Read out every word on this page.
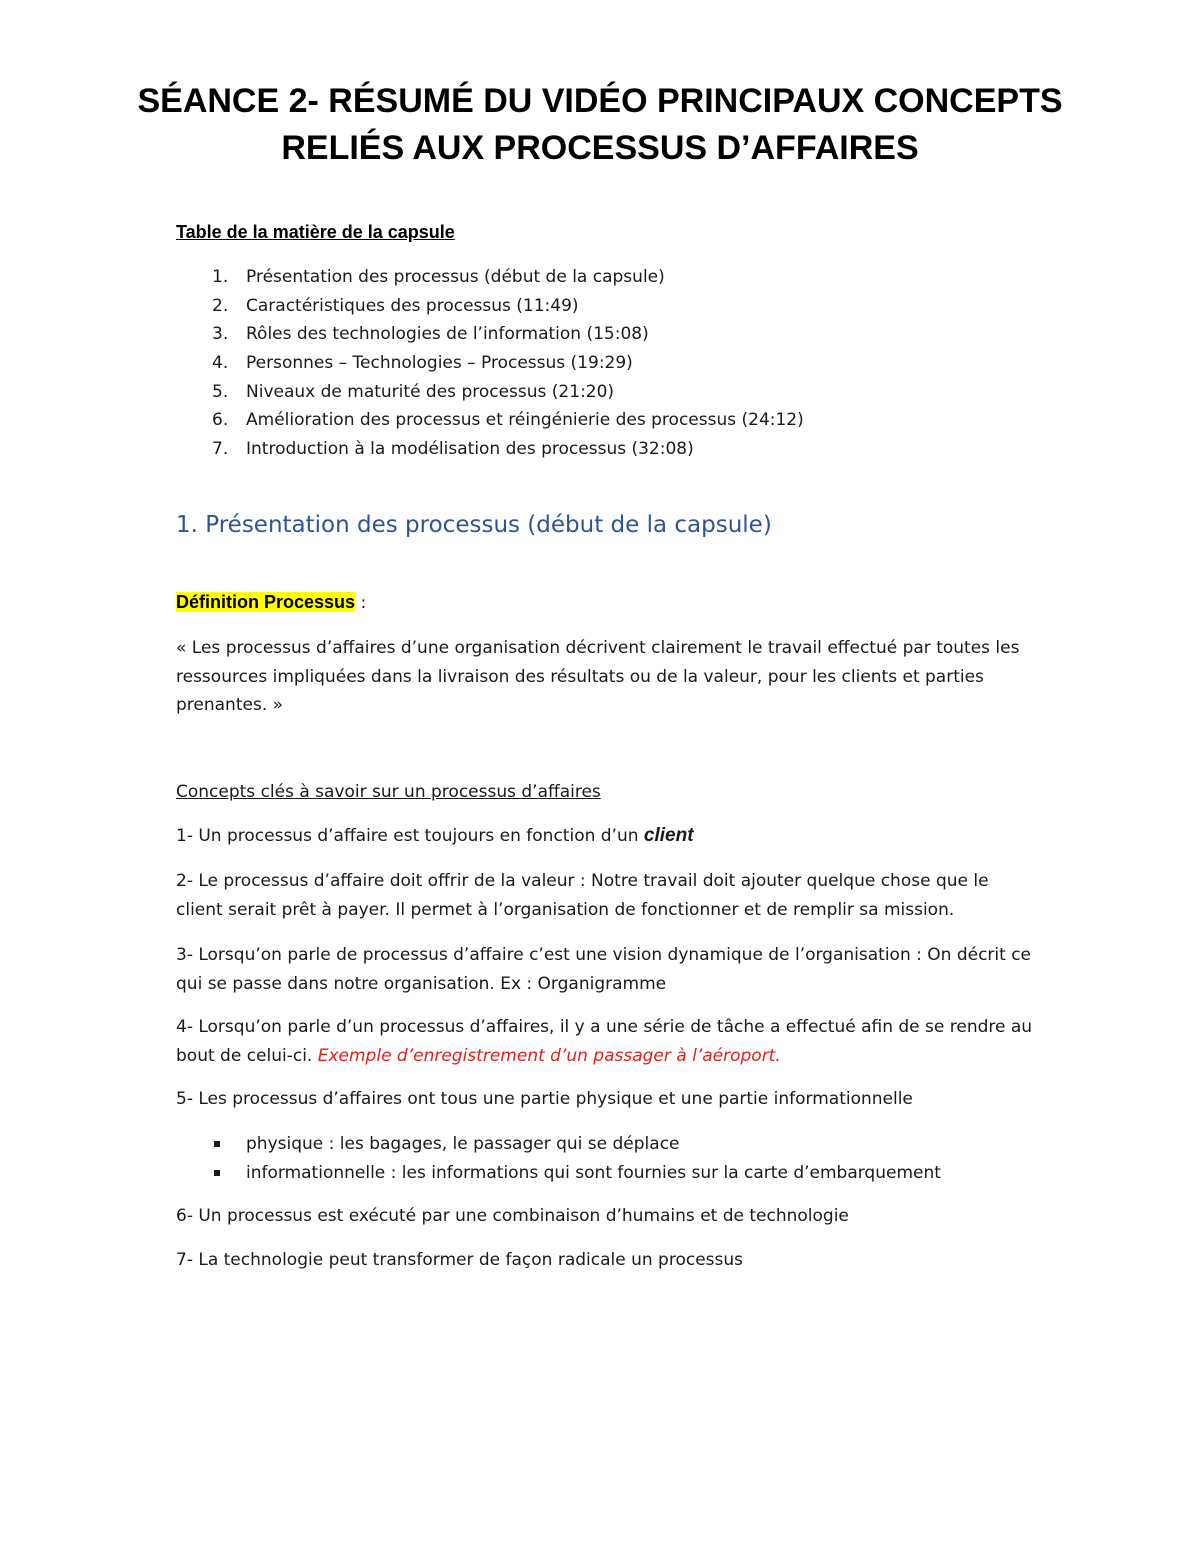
SÉANCE 2- RÉSUMÉ DU VIDÉO PRINCIPAUX CONCEPTS RELIÉS AUX PROCESSUS D’AFFAIRES

Table de la matière de la capsule

1.	Présentation des processus (début de la capsule)
2.	Caractéristiques des processus (11:49)
3.	Rôles des technologies de l’information (15:08)
4.	Personnes – Technologies – Processus (19:29)
5.	Niveaux de maturité des processus (21:20)
6.	Amélioration des processus et réingénierie des processus (24:12)
7.	Introduction à la modélisation des processus (32:08)
1. Présentation des processus (début de la capsule)

Définition Processus :

« Les processus d’affaires d’une organisation décrivent clairement le travail effectué par toutes les ressources impliquées dans la livraison des résultats ou de la valeur, pour les clients et parties prenantes. »

Concepts clés à savoir sur un processus d’affaires

1- Un processus d’affaire est toujours en fonction d’un client

2- Le processus d’affaire doit offrir de la valeur : Notre travail doit ajouter quelque chose que le client serait prêt à payer. Il permet à l’organisation de fonctionner et de remplir sa mission.

3- Lorsqu’on parle de processus d’affaire c’est une vision dynamique de l’organisation : On décrit ce qui se passe dans notre organisation. Ex : Organigramme

4- Lorsqu’on parle d’un processus d’affaires, il y a une série de tâche a effectué afin de se rendre au bout de celui-ci. Exemple d’enregistrement d’un passager à l’aéroport.

5- Les processus d’affaires ont tous une partie physique et une partie informationnelle

physique : les bagages, le passager qui se déplace
informationnelle : les informations qui sont fournies sur la carte d’embarquement

6- Un processus est exécuté par une combinaison d’humains et de technologie

7- La technologie peut transformer de façon radicale un processus
